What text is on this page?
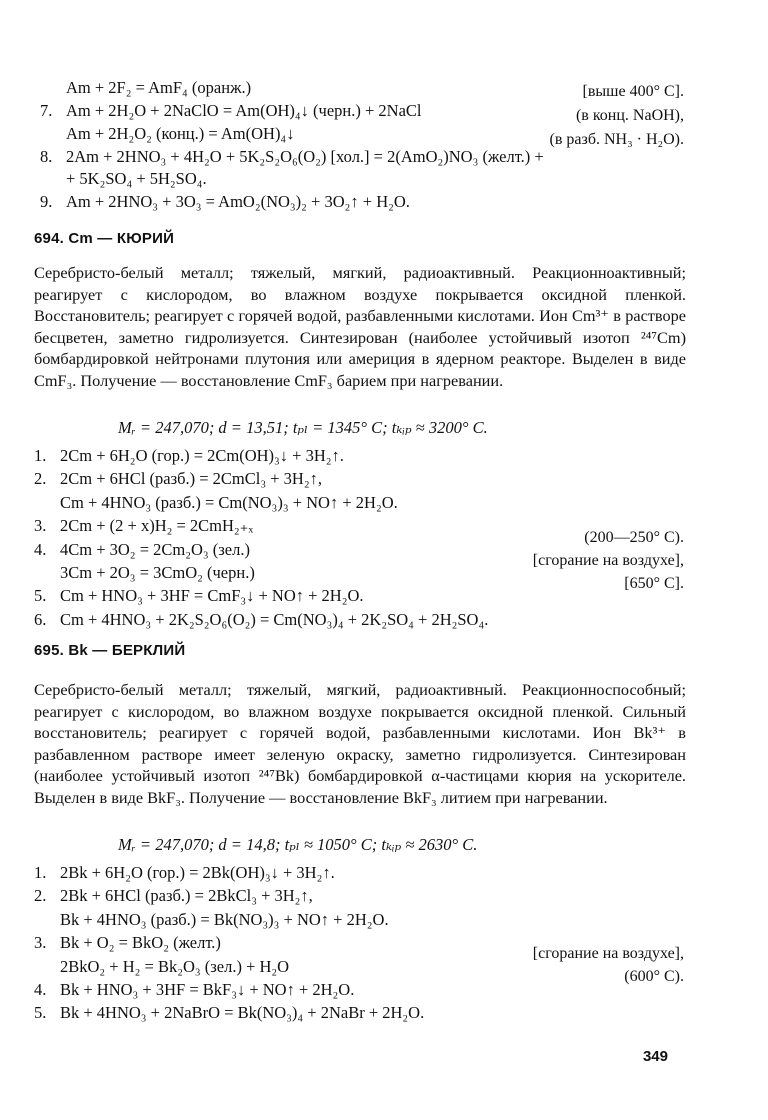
Am + 2F₂ = AmF₄ (оранж.)	[выше 400° С].
7. Am + 2H₂O + 2NaClO = Am(OH)₄↓ (черн.) + 2NaCl	(в конц. NaOH),
Am + 2H₂O₂ (конц.) = Am(OH)₄↓	(в разб. NH₃ · H₂O).
8. 2Am + 2HNO₃ + 4H₂O + 5K₂S₂O₆(O₂) [хол.] = 2(AmO₂)NO₃ (желт.) +
+ 5K₂SO₄ + 5H₂SO₄.
9. Am + 2HNO₃ + 3O₃ = AmO₂(NO₃)₂ + 3O₂↑ + H₂O.
694. Cm — КЮРИЙ
Серебристо-белый металл; тяжелый, мягкий, радиоактивный. Реакционноактивный; реагирует с кислородом, во влажном воздухе покрывается оксидной пленкой. Восстановитель; реагирует с горячей водой, разбавленными кислотами. Ион Cm³⁺ в растворе бесцветен, заметно гидролизуется. Синтезирован (наиболее устойчивый изотоп ²⁴⁷Cm) бомбардировкой нейтронами плутония или америция в ядерном реакторе. Выделен в виде CmF₃. Получение — восстановление CmF₃ барием при нагревании.
Mᵣ = 247,070; d = 13,51; tₚₗ = 1345° С; tₖᵢₚ ≈ 3200° С.
1. 2Cm + 6H₂O (гор.) = 2Cm(OH)₃↓ + 3H₂↑.
2. 2Cm + 6HCl (разб.) = 2CmCl₃ + 3H₂↑,
Cm + 4HNO₃ (разб.) = Cm(NO₃)₃ + NO↑ + 2H₂O.
3. 2Cm + (2 + x)H₂ = 2CmH₂₊ₓ
4. 4Cm + 3O₂ = 2Cm₂O₃ (зел.)
3Cm + 2O₃ = 3CmO₂ (черн.)
5. Cm + HNO₃ + 3HF = CmF₃↓ + NO↑ + 2H₂O.
6. Cm + 4HNO₃ + 2K₂S₂O₆(O₂) = Cm(NO₃)₄ + 2K₂SO₄ + 2H₂SO₄.
(200—250° С).
[сгорание на воздухе],
[650° С].
695. Bk — БЕРКЛИЙ
Серебристо-белый металл; тяжелый, мягкий, радиоактивный. Реакционноспособный; реагирует с кислородом, во влажном воздухе покрывается оксидной пленкой. Сильный восстановитель; реагирует с горячей водой, разбавленными кислотами. Ион Bk³⁺ в разбавленном растворе имеет зеленую окраску, заметно гидролизуется. Синтезирован (наиболее устойчивый изотоп ²⁴⁷Bk) бомбардировкой α-частицами кюрия на ускорителе. Выделен в виде BkF₃. Получение — восстановление BkF₃ литием при нагревании.
Mᵣ = 247,070; d = 14,8; tₚₗ ≈ 1050° С; tₖᵢₚ ≈ 2630° С.
1. 2Bk + 6H₂O (гор.) = 2Bk(OH)₃↓ + 3H₂↑.
2. 2Bk + 6HCl (разб.) = 2BkCl₃ + 3H₂↑,
Bk + 4HNO₃ (разб.) = Bk(NO₃)₃ + NO↑ + 2H₂O.
3. Bk + O₂ = BkO₂ (желт.)
2BkO₂ + H₂ = Bk₂O₃ (зел.) + H₂O
4. Bk + HNO₃ + 3HF = BkF₃↓ + NO↑ + 2H₂O.
5. Bk + 4HNO₃ + 2NaBrO = Bk(NO₃)₄ + 2NaBr + 2H₂O.
[сгорание на воздухе],
(600° С).
349
